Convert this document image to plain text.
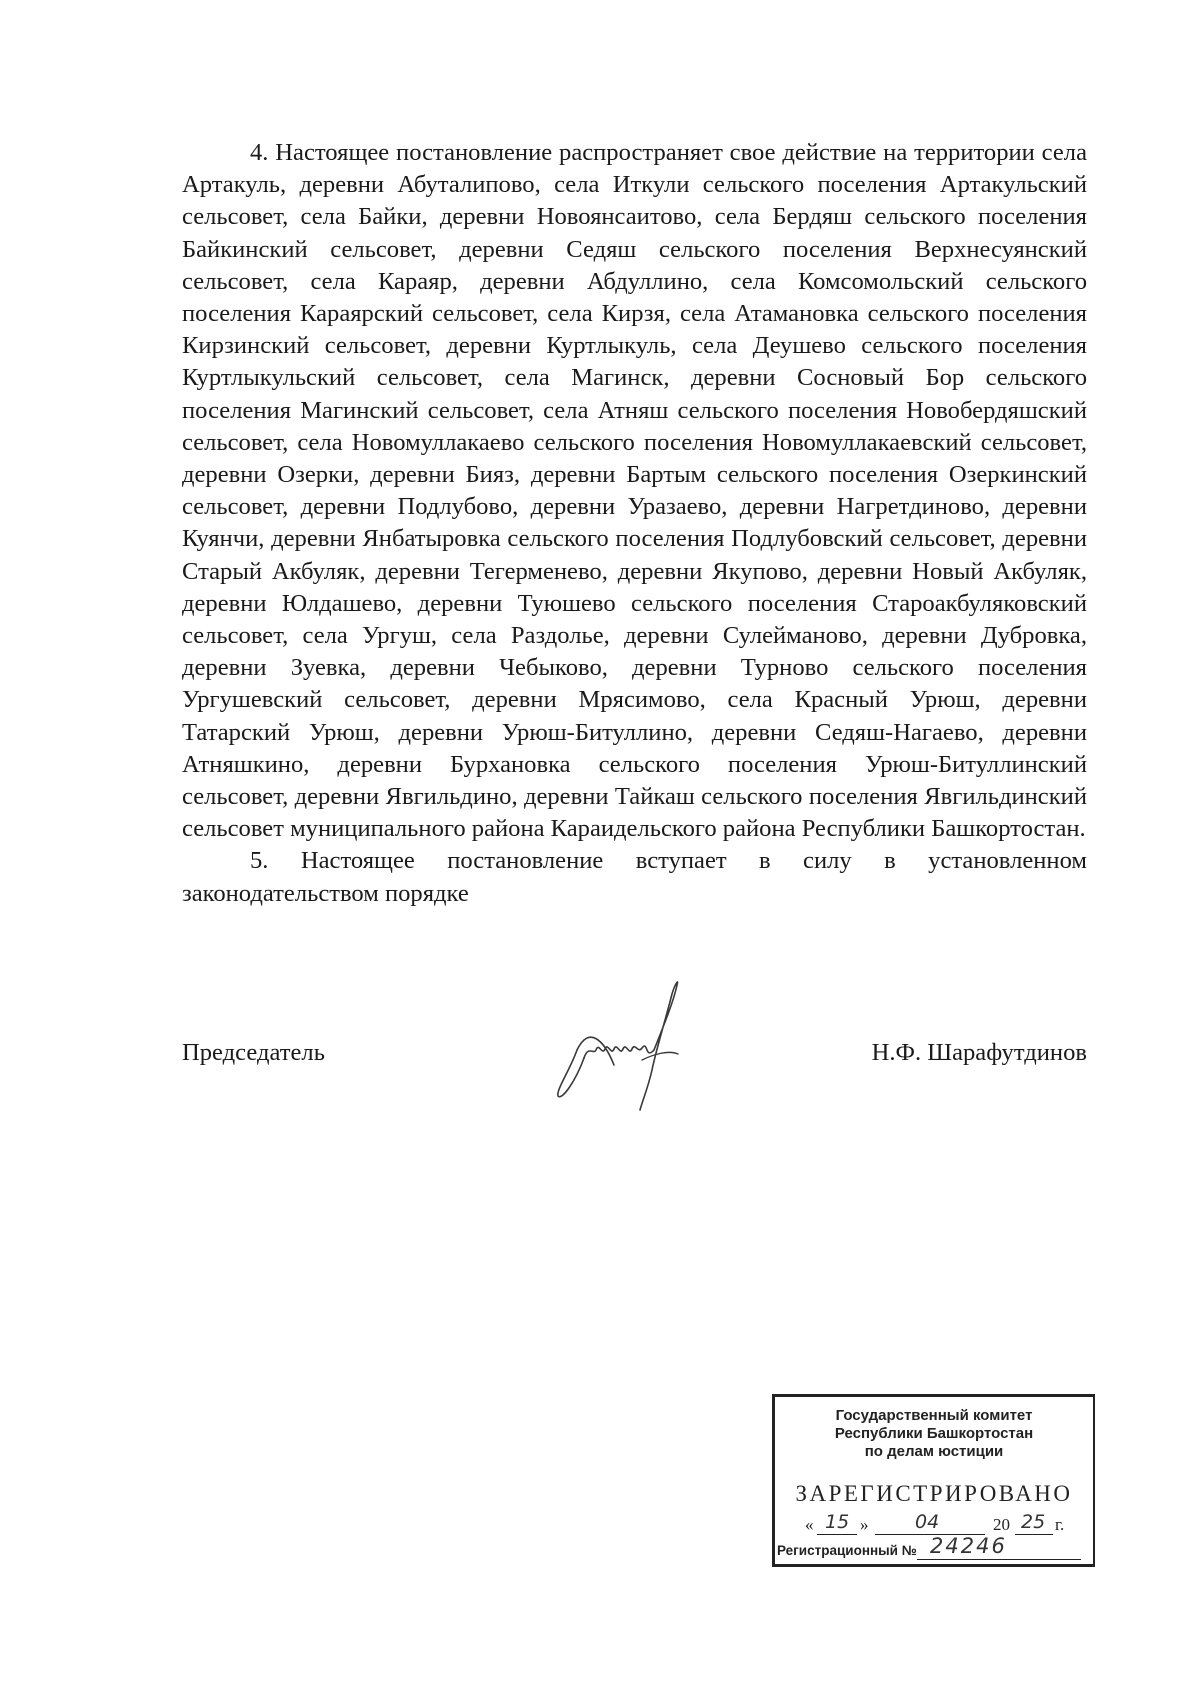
4. Настоящее постановление распространяет свое действие на территории села Артакуль, деревни Абуталипово, села Иткули сельского поселения Артакульский сельсовет, села Байки, деревни Новоянсаитово, села Бердяш сельского поселения Байкинский сельсовет, деревни Седяш сельского поселения Верхнесуянский сельсовет, села Караяр, деревни Абдуллино, села Комсомольский сельского поселения Караярский сельсовет, села Кирзя, села Атамановка сельского поселения Кирзинский сельсовет, деревни Куртлыкуль, села Деушево сельского поселения Куртлыкульский сельсовет, села Магинск, деревни Сосновый Бор сельского поселения Магинский сельсовет, села Атняш сельского поселения Новобердяшский сельсовет, села Новомуллакаево сельского поселения Новомуллакаевский сельсовет, деревни Озерки, деревни Бияз, деревни Бартым сельского поселения Озеркинский сельсовет, деревни Подлубово, деревни Уразаево, деревни Нагретдиново, деревни Куянчи, деревни Янбатыровка сельского поселения Подлубовский сельсовет, деревни Старый Акбуляк, деревни Тегерменево, деревни Якупово, деревни Новый Акбуляк, деревни Юлдашево, деревни Туюшево сельского поселения Староакбуляковский сельсовет, села Ургуш, села Раздолье, деревни Сулейманово, деревни Дубровка, деревни Зуевка, деревни Чебыково, деревни Турново сельского поселения Ургушевский сельсовет, деревни Мрясимово, села Красный Урюш, деревни Татарский Урюш, деревни Урюш-Битуллино, деревни Седяш-Нагаево, деревни Атняшкино, деревни Бурхановка сельского поселения Урюш-Битуллинский сельсовет, деревни Явгильдино, деревни Тайкаш сельского поселения Явгильдинский сельсовет муниципального района Караидельского района Республики Башкортостан.

5. Настоящее постановление вступает в силу в установленном законодательством порядке

Председатель	Н.Ф. Шарафутдинов
Государственный комитет
Республики Башкортостан
по делам юстиции
ЗАРЕГИСТРИРОВАНО
« 15 » 04	20 25 г.
Регистрационный № 24246
